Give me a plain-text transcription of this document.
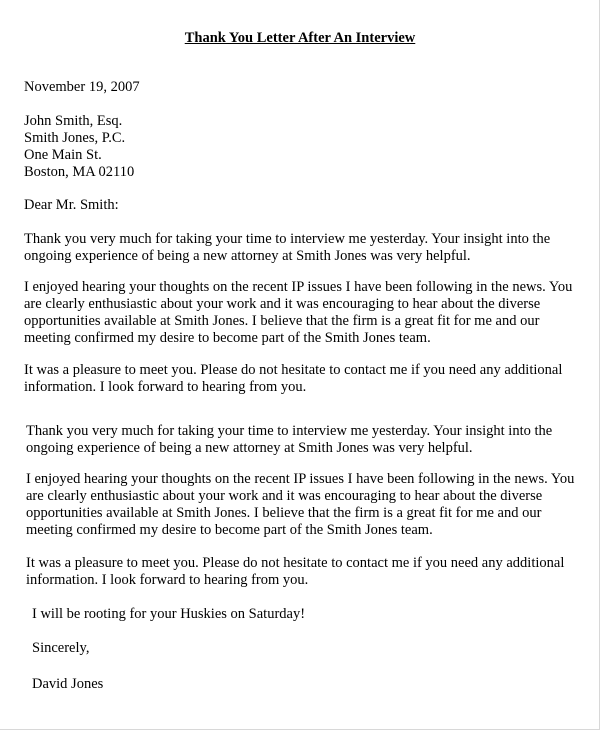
Thank You Letter After An Interview

November 19, 2007

John Smith, Esq.
Smith Jones, P.C.
One Main St.
Boston, MA 02110

Dear Mr. Smith:

Thank you very much for taking your time to interview me yesterday. Your insight into the
ongoing experience of being a new attorney at Smith Jones was very helpful.
I enjoyed hearing your thoughts on the recent IP issues I have been following in the news. You
are clearly enthusiastic about your work and it was encouraging to hear about the diverse
opportunities available at Smith Jones. I believe that the firm is a great fit for me and our
meeting confirmed my desire to become part of the Smith Jones team.
It was a pleasure to meet you. Please do not hesitate to contact me if you need any additional
information. I look forward to hearing from you.
Thank you very much for taking your time to interview me yesterday. Your insight into the
ongoing experience of being a new attorney at Smith Jones was very helpful.
I enjoyed hearing your thoughts on the recent IP issues I have been following in the news. You
are clearly enthusiastic about your work and it was encouraging to hear about the diverse
opportunities available at Smith Jones. I believe that the firm is a great fit for me and our
meeting confirmed my desire to become part of the Smith Jones team.
It was a pleasure to meet you. Please do not hesitate to contact me if you need any additional
information. I look forward to hearing from you.

I will be rooting for your Huskies on Saturday!

Sincerely,

David Jones
